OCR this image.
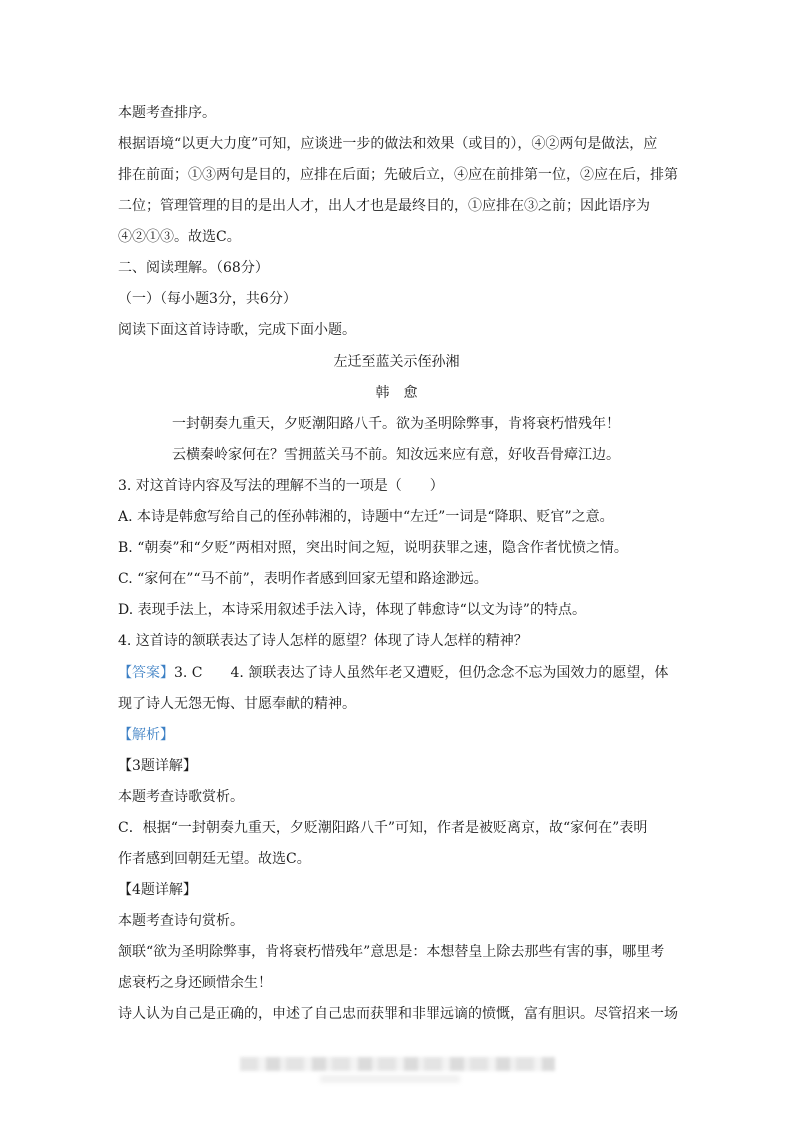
本题考查排序。
根据语境“以更大力度”可知，应谈进一步的做法和效果（或目的），④②两句是做法，应
排在前面；①③两句是目的，应排在后面；先破后立，④应在前排第一位，②应在后，排第
二位；管理管理的目的是出人才，出人才也是最终目的，①应排在③之前；因此语序为
④②①③。故选C。
二、阅读理解。（68分）
（一）（每小题3分，共6分）
阅读下面这首诗诗歌，完成下面小题。
左迁至蓝关示侄孙湘
韩　愈
一封朝奏九重天，夕贬潮阳路八千。欲为圣明除弊事，肯将衰朽惜残年！
云横秦岭家何在？雪拥蓝关马不前。知汝远来应有意，好收吾骨瘴江边。
3. 对这首诗内容及写法的理解不当的一项是（　　）
A. 本诗是韩愈写给自己的侄孙韩湘的，诗题中“左迁”一词是“降职、贬官”之意。
B. “朝奏”和“夕贬”两相对照，突出时间之短，说明获罪之速，隐含作者忧愤之情。
C. “家何在”“马不前”，表明作者感到回家无望和路途渺远。
D. 表现手法上，本诗采用叙述手法入诗，体现了韩愈诗“以文为诗”的特点。
4. 这首诗的颔联表达了诗人怎样的愿望？体现了诗人怎样的精神？
【答案】3. C　　4. 颔联表达了诗人虽然年老又遭贬，但仍念念不忘为国效力的愿望，体
现了诗人无怨无悔、甘愿奉献的精神。
【解析】
【3题详解】
本题考查诗歌赏析。
C．根据“一封朝奏九重天，夕贬潮阳路八千”可知，作者是被贬离京，故“家何在”表明
作者感到回朝廷无望。故选C。
【4题详解】
本题考查诗句赏析。
颔联“欲为圣明除弊事，肯将衰朽惜残年”意思是：本想替皇上除去那些有害的事，哪里考
虑衰朽之身还顾惜余生！
诗人认为自己是正确的，申述了自己忠而获罪和非罪远谪的愤慨，富有胆识。尽管招来一场
